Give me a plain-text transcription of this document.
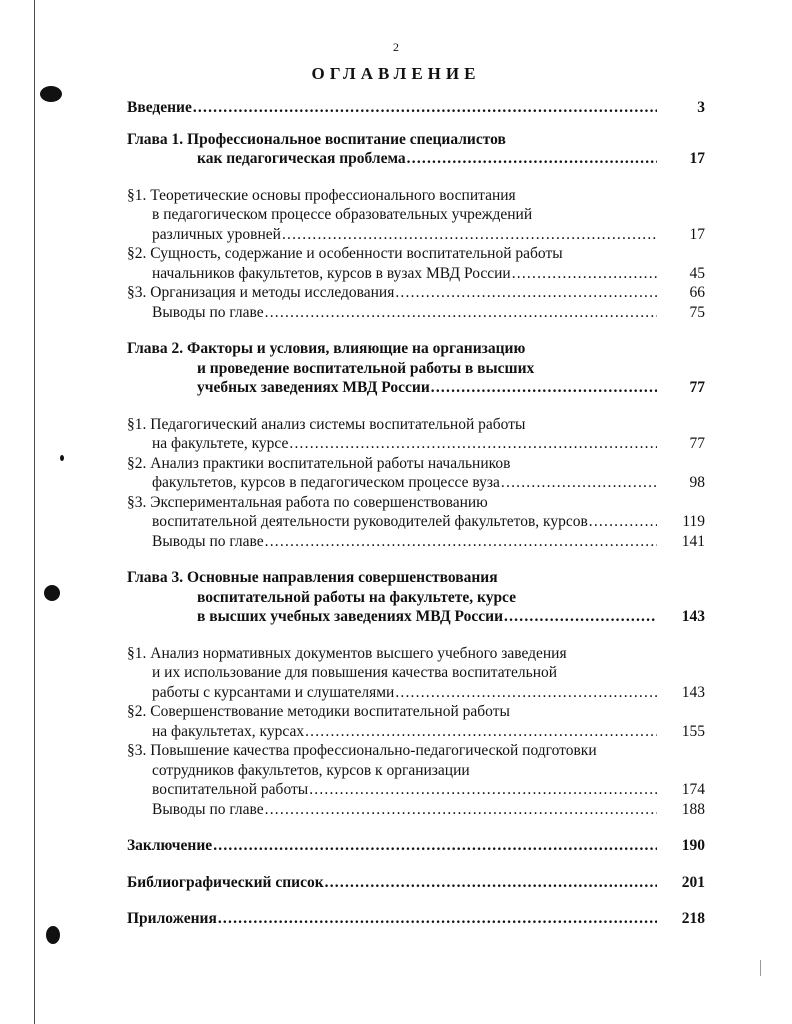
2
ОГЛАВЛЕНИЕ
Введение .....	3
Глава 1. Профессиональное воспитание специалистов
как педагогическая проблема .....	17
§1. Теоретические основы профессионального воспитания
в педагогическом процессе образовательных учреждений
различных уровней .....	17
§2. Сущность, содержание и особенности воспитательной работы
начальников факультетов, курсов в вузах МВД России .....	45
§3. Организация и методы исследования .....	66
Выводы по главе .....	75
Глава 2. Факторы и условия, влияющие на организацию
и проведение воспитательной работы в высших
учебных заведениях МВД России .....	77
§1. Педагогический анализ системы воспитательной работы
на факультете, курсе .....	77
§2. Анализ практики воспитательной работы начальников
факультетов, курсов в педагогическом процессе вуза .....	98
§3. Экспериментальная работа по совершенствованию
воспитательной деятельности руководителей факультетов, курсов .....	119
Выводы по главе .....	141
Глава 3. Основные направления совершенствования
воспитательной работы на факультете, курсе
в высших учебных заведениях МВД России .....	143
§1. Анализ нормативных документов высшего учебного заведения
и их использование для повышения качества воспитательной
работы с курсантами и слушателями .....	143
§2. Совершенствование методики воспитательной работы
на факультетах, курсах .....	155
§3. Повышение качества профессионально-педагогической подготовки
сотрудников факультетов, курсов к организации
воспитательной работы .....	174
Выводы по главе .....	188
Заключение .....	190
Библиографический список .....	201
Приложения .....	218
